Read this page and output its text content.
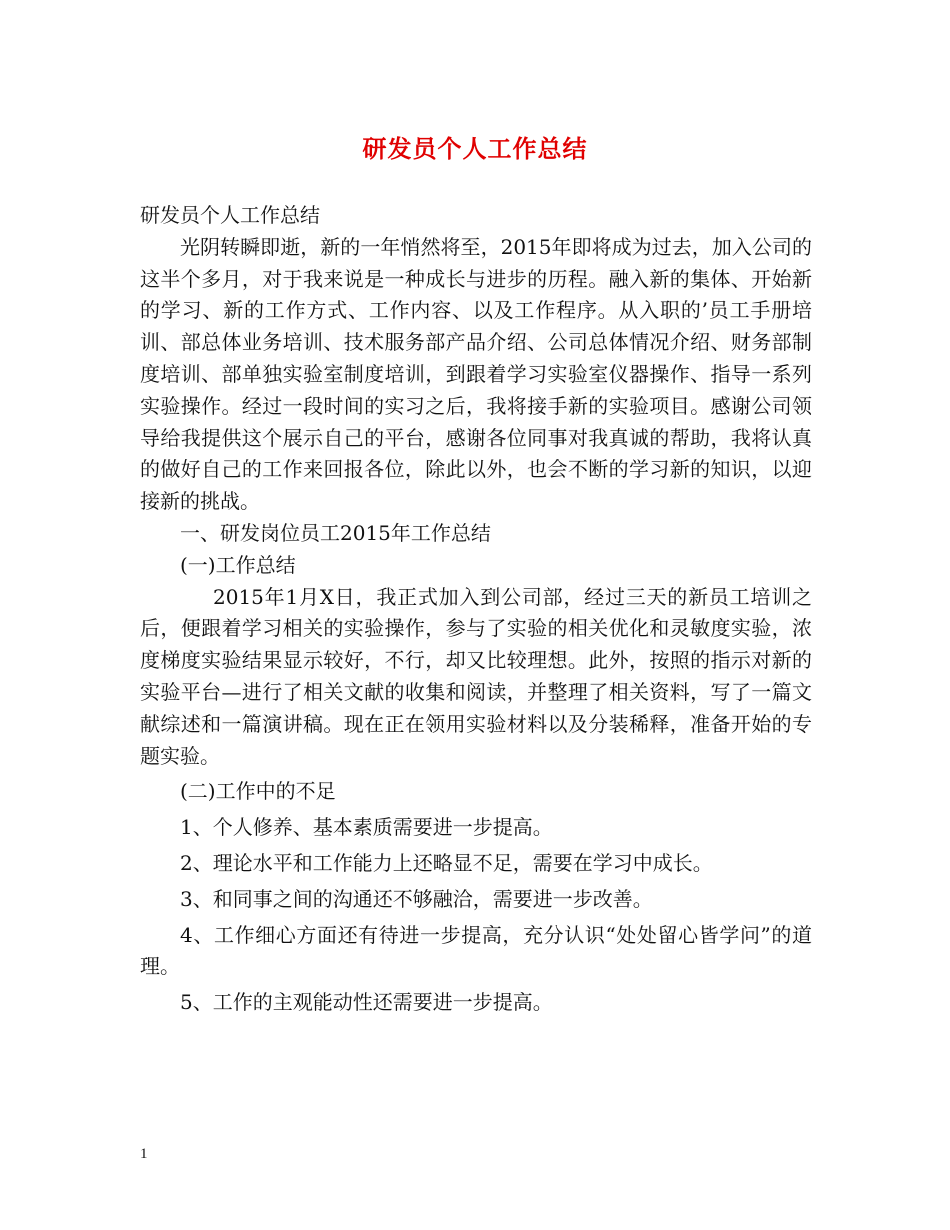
研发员个人工作总结

研发员个人工作总结

光阴转瞬即逝，新的一年悄然将至，2015年即将成为过去，加入公司的这半个多月，对于我来说是一种成长与进步的历程。融入新的集体、开始新的学习、新的工作方式、工作内容、以及工作程序。从入职的’员工手册培训、部总体业务培训、技术服务部产品介绍、公司总体情况介绍、财务部制度培训、部单独实验室制度培训，到跟着学习实验室仪器操作、指导一系列实验操作。经过一段时间的实习之后，我将接手新的实验项目。感谢公司领导给我提供这个展示自己的平台，感谢各位同事对我真诚的帮助，我将认真的做好自己的工作来回报各位，除此以外，也会不断的学习新的知识，以迎接新的挑战。

一、研发岗位员工2015年工作总结

(一)工作总结

2015年1月X日，我正式加入到公司部，经过三天的新员工培训之后，便跟着学习相关的实验操作，参与了实验的相关优化和灵敏度实验，浓度梯度实验结果显示较好，不行，却又比较理想。此外，按照的指示对新的实验平台—进行了相关文献的收集和阅读，并整理了相关资料，写了一篇文献综述和一篇演讲稿。现在正在领用实验材料以及分装稀释，准备开始的专题实验。

(二)工作中的不足

1、个人修养、基本素质需要进一步提高。

2、理论水平和工作能力上还略显不足，需要在学习中成长。

3、和同事之间的沟通还不够融洽，需要进一步改善。

4、工作细心方面还有待进一步提高，充分认识“处处留心皆学问”的道理。

5、工作的主观能动性还需要进一步提高。

1
